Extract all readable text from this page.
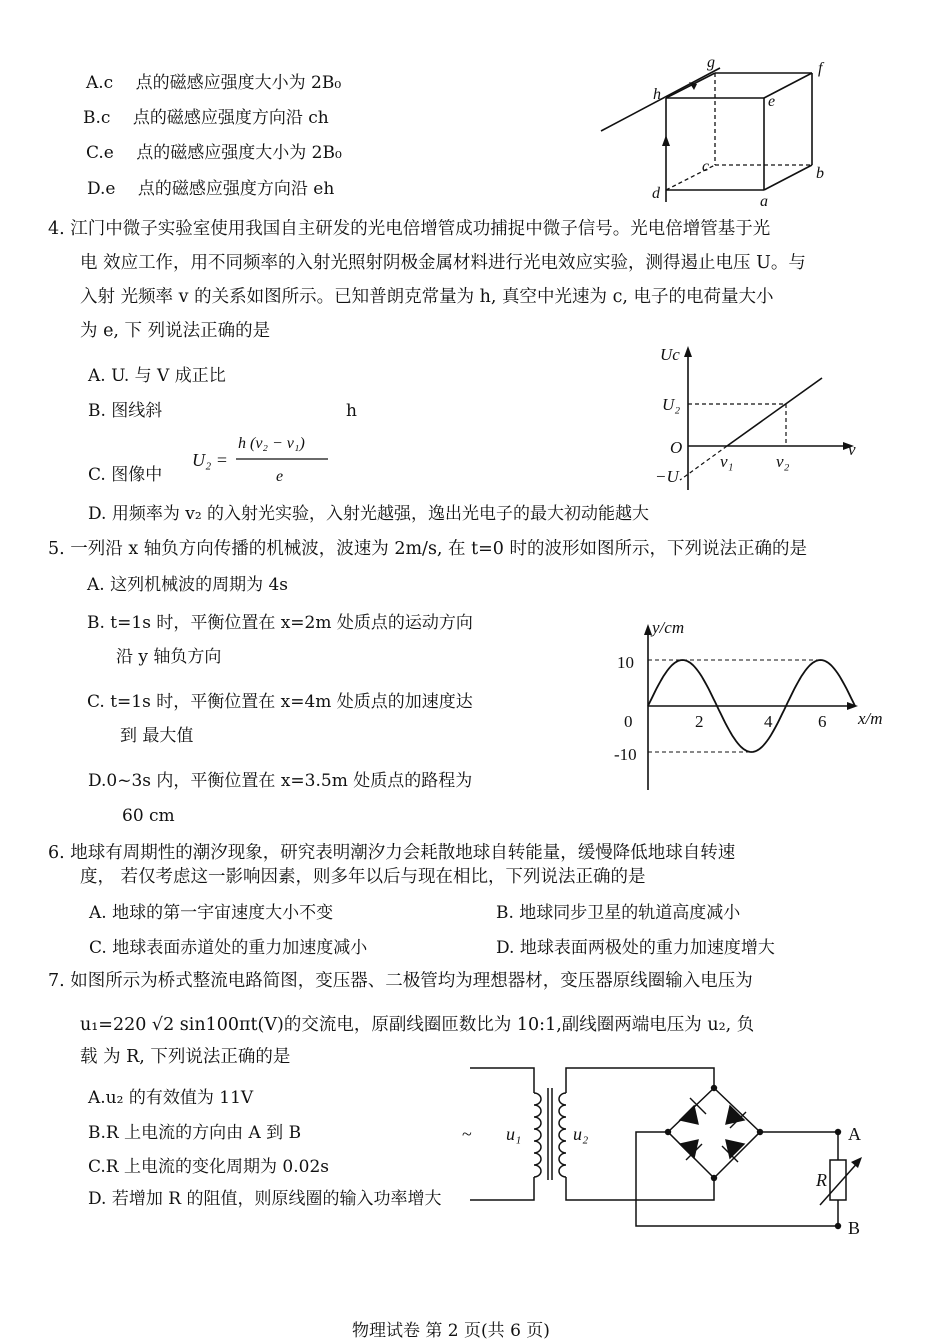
A.c　 点的磁感应强度大小为 2B₀
B.c　 点的磁感应强度方向沿 ch
C.e　 点的磁感应强度大小为 2B₀
D.e　 点的磁感应强度方向沿 eh
g	f
h	e
c	b
d	a
4. 江门中微子实验室使用我国自主研发的光电倍增管成功捕捉中微子信号。光电倍增管基于光
电 效应工作，用不同频率的入射光照射阴极金属材料进行光电效应实验，测得遏止电压 U。与
入射 光频率 v 的关系如图所示。已知普朗克常量为 h, 真空中光速为 c, 电子的电荷量大小
为 e, 下 列说法正确的是
A. U. 与 V 成正比
B. 图线斜	h
C. 图像中
D. 用频率为 v₂ 的入射光实验，入射光越强，逸出光电子的最大初动能越大
U₂ =
h (ν₂ − ν₁)
e
Uc
U₂
O
−U
ν₁	ν₂
ν
5. 一列沿 x 轴负方向传播的机械波，波速为 2m/s, 在 t=0 时的波形如图所示，下列说法正确的是
A. 这列机械波的周期为 4s
B. t=1s 时，平衡位置在 x=2m 处质点的运动方向
沿 y 轴负方向
C. t=1s 时，平衡位置在 x=4m 处质点的加速度达
到 最大值
D.0~3s 内，平衡位置在 x=3.5m 处质点的路程为
60 cm
y/cm
x/m
10
0
-10
2	4	6
6. 地球有周期性的潮汐现象，研究表明潮汐力会耗散地球自转能量，缓慢降低地球自转速
度， 若仅考虑这一影响因素，则多年以后与现在相比，下列说法正确的是
A. 地球的第一宇宙速度大小不变	B. 地球同步卫星的轨道高度减小
C. 地球表面赤道处的重力加速度减小	D. 地球表面两极处的重力加速度增大
7. 如图所示为桥式整流电路简图，变压器、二极管均为理想器材，变压器原线圈输入电压为
u₁=220 √2 sin100πt(V)的交流电，原副线圈匝数比为 10:1,副线圈两端电压为 u₂, 负
载 为 R, 下列说法正确的是
A.u₂ 的有效值为 11V
B.R 上电流的方向由 A 到 B
C.R 上电流的变化周期为 0.02s
D. 若增加 R 的阻值，则原线圈的输入功率增大
~ u₁	u₂	A
B
R
物理试卷 第 2 页(共 6 页)
